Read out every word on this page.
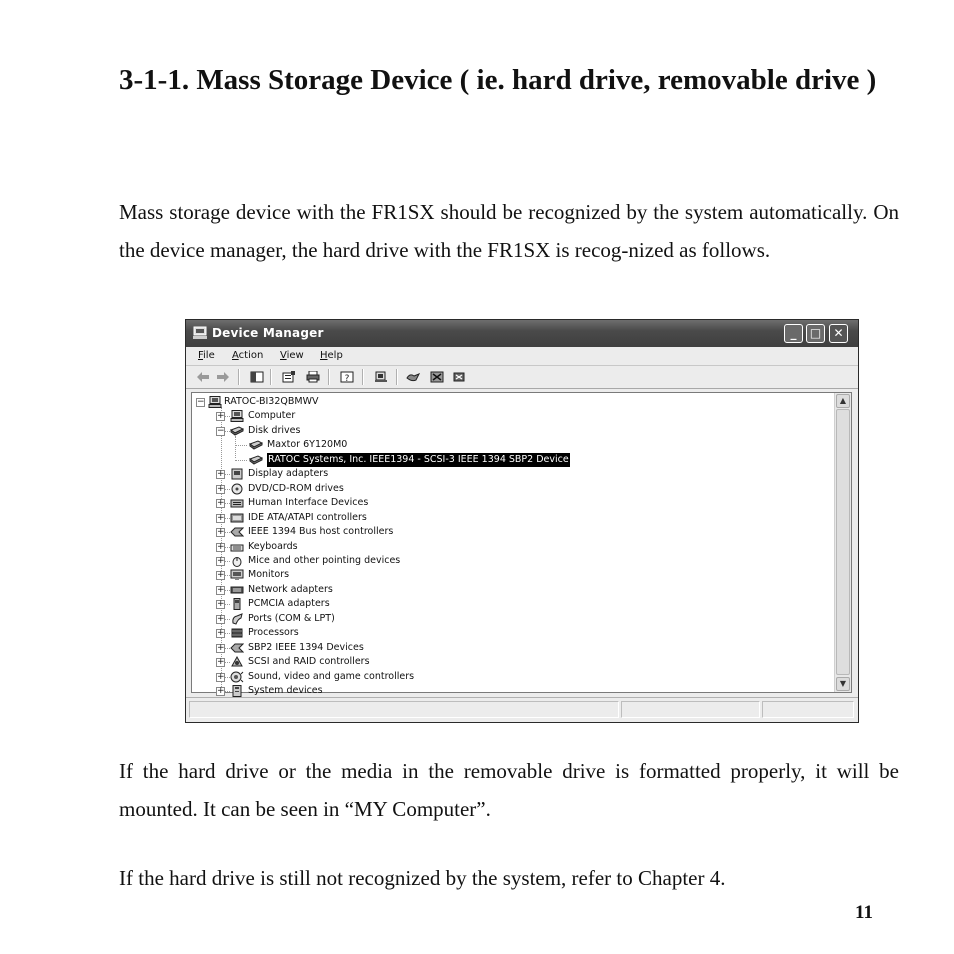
3-1-1. Mass Storage Device ( ie. hard drive, removable drive )
Mass storage device with the FR1SX should be recognized by the system automatically. On the device manager, the hard drive with the FR1SX is recog-nized as follows.
Device Manager	_	□	✕
File Action View Help
?
▲
▼
− RATOC-BI32QBMWV
+ Computer
− Disk drives
Maxtor 6Y120M0
RATOC Systems, Inc. IEEE1394 - SCSI-3 IEEE 1394 SBP2 Device
+ Display adapters
+ DVD/CD-ROM drives
+ Human Interface Devices
+ IDE ATA/ATAPI controllers
+ IEEE 1394 Bus host controllers
+ Keyboards
+ Mice and other pointing devices
+ Monitors
+ Network adapters
+ PCMCIA adapters
+ Ports (COM & LPT)
+ Processors
+ SBP2 IEEE 1394 Devices
+ SCSI and RAID controllers
+ Sound, video and game controllers
+ System devices
If the hard drive or the media in the removable drive is formatted properly, it will be mounted. It can be seen in “MY Computer”.
If the hard drive is still not recognized by the system, refer to Chapter 4.
11
